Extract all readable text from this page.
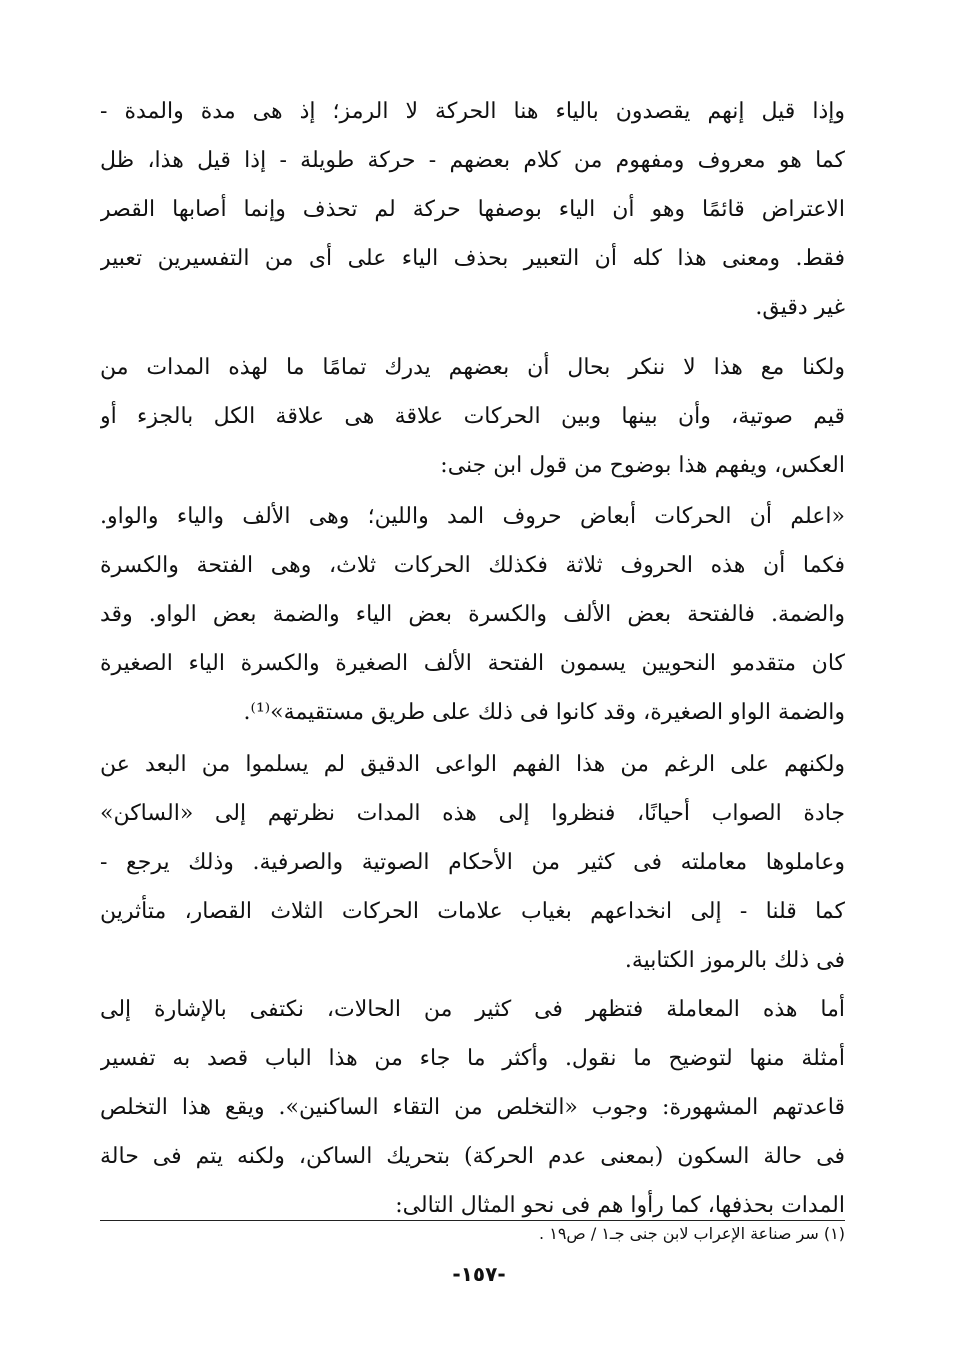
وإذا قيل إنهم يقصدون بالياء هنا الحركة لا الرمز؛ إذ هى مدة والمدة -
كما هو معروف ومفهوم من كلام بعضهم - حركة طويلة - إذا قيل هذا، ظل
الاعتراض قائمًا وهو أن الياء بوصفها حركة لم تحذف وإنما أصابها القصر
فقط. ومعنى هذا كله أن التعبير بحذف الياء على أى من التفسيرين تعبير
غير دقيق.
ولكنا مع هذا لا ننكر بحال أن بعضهم يدرك تمامًا ما لهذه المدات من
قيم صوتية، وأن بينها وبين الحركات علاقة هى علاقة الكل بالجزء أو
العكس، ويفهم هذا بوضوح من قول ابن جنى:
«اعلم أن الحركات أبعاض حروف المد واللين؛ وهى الألف والياء والواو.
فكما أن هذه الحروف ثلاثة فكذلك الحركات ثلاث، وهى الفتحة والكسرة
والضمة. فالفتحة بعض الألف والكسرة بعض الياء والضمة بعض الواو. وقد
كان متقدمو النحويين يسمون الفتحة الألف الصغيرة والكسرة الياء الصغيرة
والضمة الواو الصغيرة، وقد كانوا فى ذلك على طريق مستقيمة»⁽¹⁾.
ولكنهم على الرغم من هذا الفهم الواعى الدقيق لم يسلموا من البعد عن
جادة الصواب أحيانًا، فنظروا إلى هذه المدات نظرتهم إلى «الساكن»
وعاملوها معاملته فى كثير من الأحكام الصوتية والصرفية. وذلك يرجع -
كما قلنا - إلى انخداعهم بغياب علامات الحركات الثلاث القصار، متأثرين
فى ذلك بالرموز الكتابية.
أما هذه المعاملة فتظهر فى كثير من الحالات، نكتفى بالإشارة إلى
أمثلة منها لتوضيح ما نقول. وأكثر ما جاء من هذا الباب قصد به تفسير
قاعدتهم المشهورة: وجوب «التخلص من التقاء الساكنين». ويقع هذا التخلص
فى حالة السكون (بمعنى عدم الحركة) بتحريك الساكن، ولكنه يتم فى حالة
المدات بحذفها، كما رأوا هم فى نحو المثال التالى:
(١) سر صناعة الإعراب لابن جنى جـ١ / ص١٩ .
-١٥٧-
